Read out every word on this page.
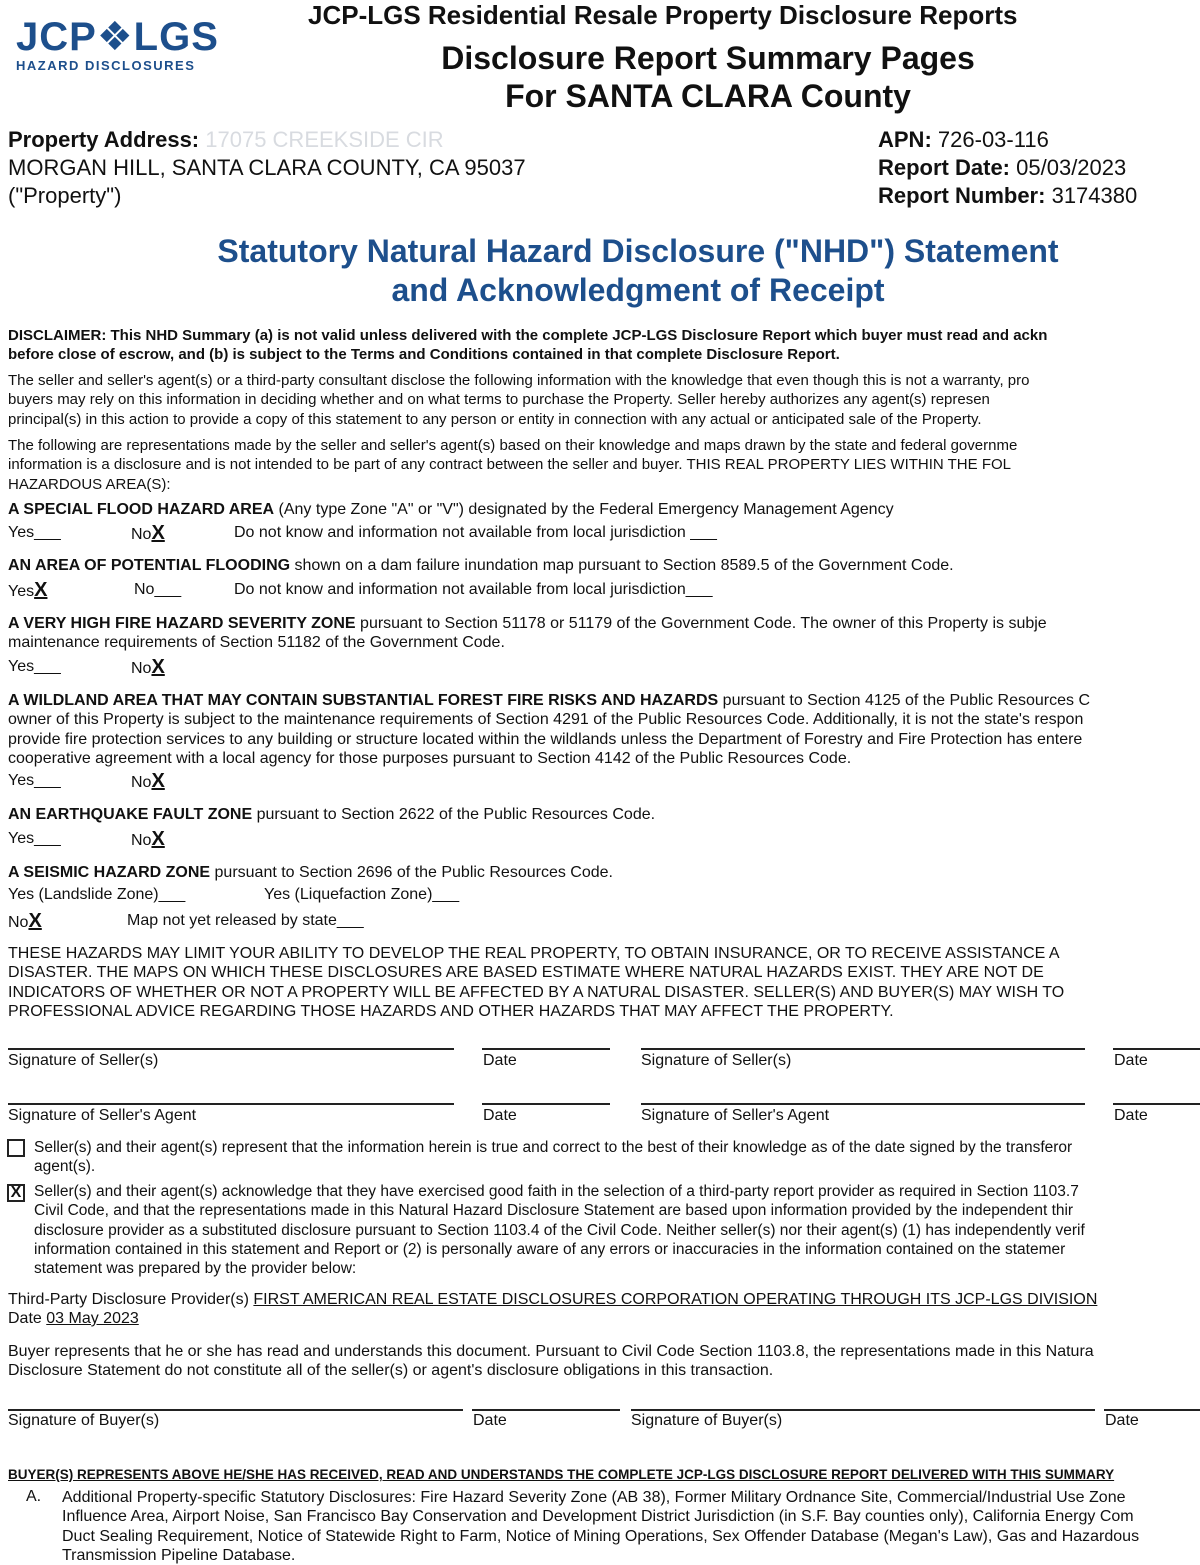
JCP❖LGS
HAZARD DISCLOSURES
JCP-LGS Residential Resale Property Disclosure Reports
Disclosure Report Summary Pages
For SANTA CLARA County
Property Address: 17075 CREEKSIDE CIR
MORGAN HILL, SANTA CLARA COUNTY, CA 95037
("Property")
APN: 726-03-116
Report Date: 05/03/2023
Report Number: 3174380
Statutory Natural Hazard Disclosure ("NHD") Statement
and Acknowledgment of Receipt
DISCLAIMER: This NHD Summary (a) is not valid unless delivered with the complete JCP-LGS Disclosure Report which buyer must read and ackn
before close of escrow, and (b) is subject to the Terms and Conditions contained in that complete Disclosure Report.
The seller and seller's agent(s) or a third-party consultant disclose the following information with the knowledge that even though this is not a warranty, pro
buyers may rely on this information in deciding whether and on what terms to purchase the Property. Seller hereby authorizes any agent(s) represen
principal(s) in this action to provide a copy of this statement to any person or entity in connection with any actual or anticipated sale of the Property.
The following are representations made by the seller and seller's agent(s) based on their knowledge and maps drawn by the state and federal governme
information is a disclosure and is not intended to be part of any contract between the seller and buyer. THIS REAL PROPERTY LIES WITHIN THE FOL
HAZARDOUS AREA(S):
A SPECIAL FLOOD HAZARD AREA (Any type Zone "A" or "V") designated by the Federal Emergency Management Agency
Yes___	NoX	Do not know and information not available from local jurisdiction ___
AN AREA OF POTENTIAL FLOODING shown on a dam failure inundation map pursuant to Section 8589.5 of the Government Code.
YesX	No___	Do not know and information not available from local jurisdiction___
A VERY HIGH FIRE HAZARD SEVERITY ZONE pursuant to Section 51178 or 51179 of the Government Code. The owner of this Property is subje
maintenance requirements of Section 51182 of the Government Code.
Yes___	NoX
A WILDLAND AREA THAT MAY CONTAIN SUBSTANTIAL FOREST FIRE RISKS AND HAZARDS pursuant to Section 4125 of the Public Resources C
owner of this Property is subject to the maintenance requirements of Section 4291 of the Public Resources Code. Additionally, it is not the state's respon
provide fire protection services to any building or structure located within the wildlands unless the Department of Forestry and Fire Protection has entere
cooperative agreement with a local agency for those purposes pursuant to Section 4142 of the Public Resources Code.
Yes___	NoX
AN EARTHQUAKE FAULT ZONE pursuant to Section 2622 of the Public Resources Code.
Yes___	NoX
A SEISMIC HAZARD ZONE pursuant to Section 2696 of the Public Resources Code.
Yes (Landslide Zone)___	Yes (Liquefaction Zone)___
NoX	Map not yet released by state___
THESE HAZARDS MAY LIMIT YOUR ABILITY TO DEVELOP THE REAL PROPERTY, TO OBTAIN INSURANCE, OR TO RECEIVE ASSISTANCE A
DISASTER. THE MAPS ON WHICH THESE DISCLOSURES ARE BASED ESTIMATE WHERE NATURAL HAZARDS EXIST. THEY ARE NOT DE
INDICATORS OF WHETHER OR NOT A PROPERTY WILL BE AFFECTED BY A NATURAL DISASTER. SELLER(S) AND BUYER(S) MAY WISH TO
PROFESSIONAL ADVICE REGARDING THOSE HAZARDS AND OTHER HAZARDS THAT MAY AFFECT THE PROPERTY.
Signature of Seller(s)	Date	Signature of Seller(s)	Date
Signature of Seller's Agent	Date	Signature of Seller's Agent	Date
Seller(s) and their agent(s) represent that the information herein is true and correct to the best of their knowledge as of the date signed by the transferor
agent(s).
X Seller(s) and their agent(s) acknowledge that they have exercised good faith in the selection of a third-party report provider as required in Section 1103.7
Civil Code, and that the representations made in this Natural Hazard Disclosure Statement are based upon information provided by the independent thir
disclosure provider as a substituted disclosure pursuant to Section 1103.4 of the Civil Code. Neither seller(s) nor their agent(s) (1) has independently verif
information contained in this statement and Report or (2) is personally aware of any errors or inaccuracies in the information contained on the statemer
statement was prepared by the provider below:
Third-Party Disclosure Provider(s) FIRST AMERICAN REAL ESTATE DISCLOSURES CORPORATION OPERATING THROUGH ITS JCP-LGS DIVISION
Date 03 May 2023
Buyer represents that he or she has read and understands this document. Pursuant to Civil Code Section 1103.8, the representations made in this Natura
Disclosure Statement do not constitute all of the seller(s) or agent's disclosure obligations in this transaction.
Signature of Buyer(s)	Date	Signature of Buyer(s)	Date
BUYER(S) REPRESENTS ABOVE HE/SHE HAS RECEIVED, READ AND UNDERSTANDS THE COMPLETE JCP-LGS DISCLOSURE REPORT DELIVERED WITH THIS SUMMARY
A. Additional Property-specific Statutory Disclosures: Fire Hazard Severity Zone (AB 38), Former Military Ordnance Site, Commercial/Industrial Use Zone
Influence Area, Airport Noise, San Francisco Bay Conservation and Development District Jurisdiction (in S.F. Bay counties only), California Energy Com
Duct Sealing Requirement, Notice of Statewide Right to Farm, Notice of Mining Operations, Sex Offender Database (Megan's Law), Gas and Hazardous
Transmission Pipeline Database.
